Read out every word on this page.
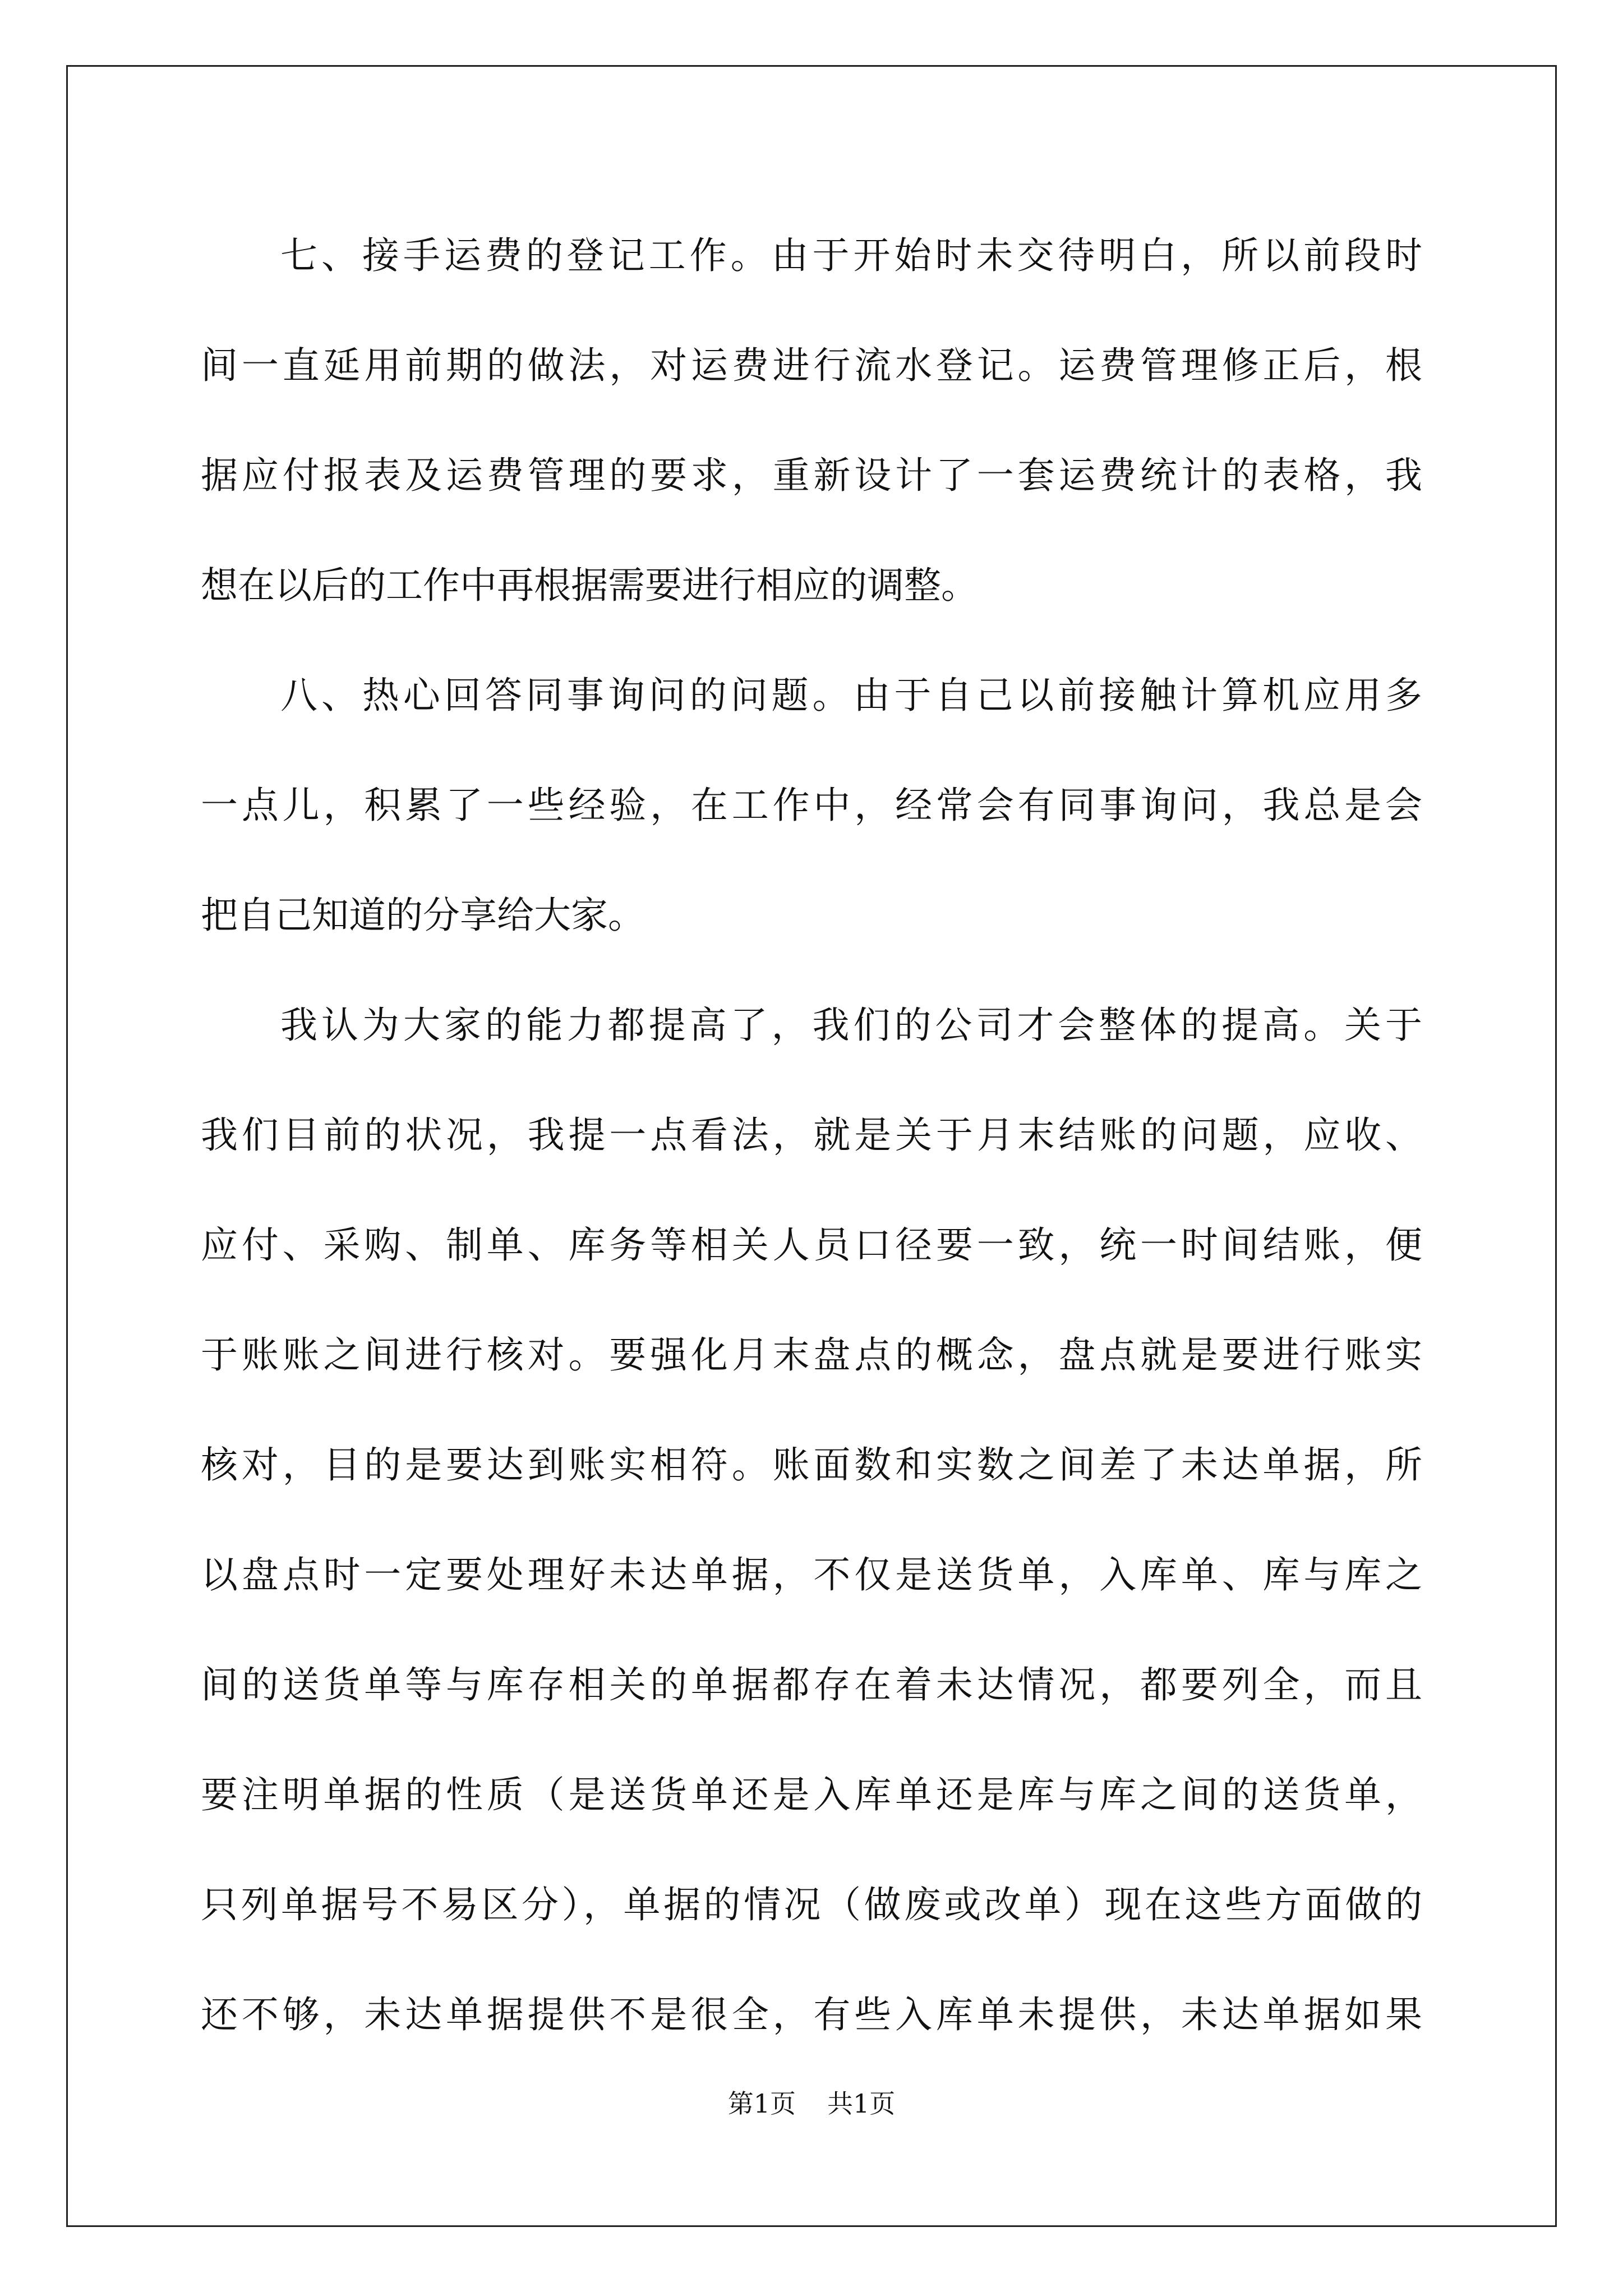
七、接手运费的登记工作。由于开始时未交待明白，所以前段时
间一直延用前期的做法，对运费进行流水登记。运费管理修正后，根
据应付报表及运费管理的要求，重新设计了一套运费统计的表格，我
想在以后的工作中再根据需要进行相应的调整。
八、热心回答同事询问的问题。由于自己以前接触计算机应用多
一点儿，积累了一些经验，在工作中，经常会有同事询问，我总是会
把自己知道的分享给大家。
我认为大家的能力都提高了，我们的公司才会整体的提高。关于
我们目前的状况，我提一点看法，就是关于月末结账的问题，应收、
应付、采购、制单、库务等相关人员口径要一致，统一时间结账，便
于账账之间进行核对。要强化月末盘点的概念，盘点就是要进行账实
核对，目的是要达到账实相符。账面数和实数之间差了未达单据，所
以盘点时一定要处理好未达单据，不仅是送货单，入库单、库与库之
间的送货单等与库存相关的单据都存在着未达情况，都要列全，而且
要注明单据的性质（是送货单还是入库单还是库与库之间的送货单，
只列单据号不易区分），单据的情况（做废或改单）现在这些方面做的
还不够，未达单据提供不是很全，有些入库单未提供，未达单据如果
第1页 共1页
